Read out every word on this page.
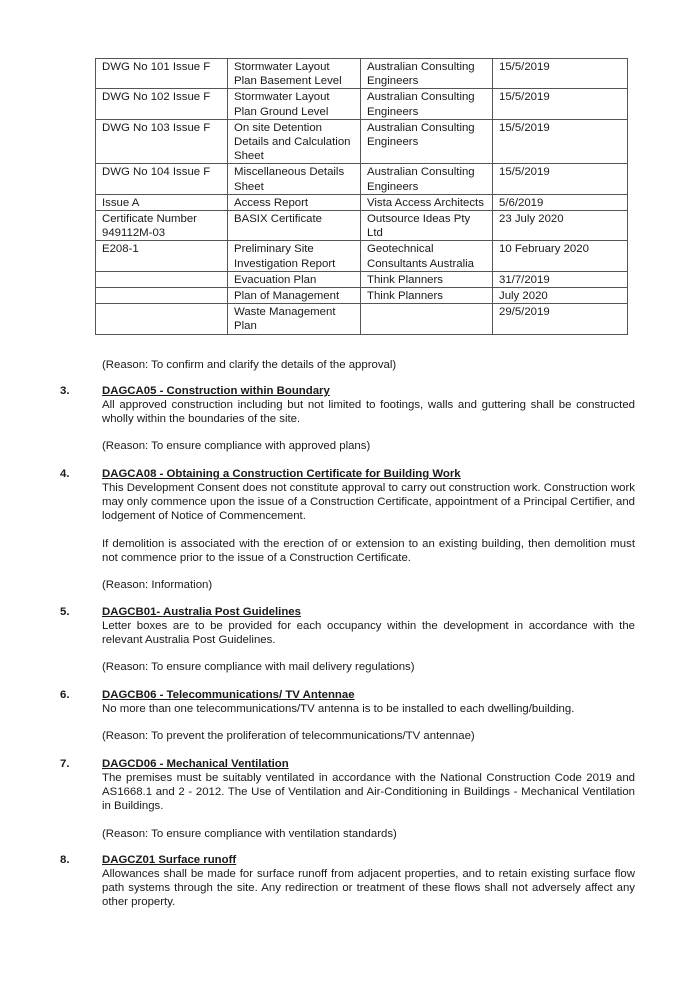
DWG No 101 Issue F	Stormwater Layout Plan Basement Level	Australian Consulting Engineers	15/5/2019
DWG No 102 Issue F	Stormwater Layout Plan Ground Level	Australian Consulting Engineers	15/5/2019
DWG No 103 Issue F	On site Detention Details and Calculation Sheet	Australian Consulting Engineers	15/5/2019
DWG No 104 Issue F	Miscellaneous Details Sheet	Australian Consulting Engineers	15/5/2019
Issue A	Access Report	Vista Access Architects	5/6/2019
Certificate Number 949112M-03	BASIX Certificate	Outsource Ideas Pty Ltd	23 July 2020
E208-1	Preliminary Site Investigation Report	Geotechnical Consultants Australia	10 February 2020
	Evacuation Plan	Think Planners	31/7/2019
	Plan of Management	Think Planners	July 2020
	Waste Management Plan		29/5/2019
(Reason: To confirm and clarify the details of the approval)
3.	DAGCA05 - Construction within Boundary

All approved construction including but not limited to footings, walls and guttering shall be constructed wholly within the boundaries of the site.

(Reason: To ensure compliance with approved plans)

4.	DAGCA08 - Obtaining a Construction Certificate for Building Work

This Development Consent does not constitute approval to carry out construction work. Construction work may only commence upon the issue of a Construction Certificate, appointment of a Principal Certifier, and lodgement of Notice of Commencement.

If demolition is associated with the erection of or extension to an existing building, then demolition must not commence prior to the issue of a Construction Certificate.

(Reason: Information)

5.	DAGCB01- Australia Post Guidelines

Letter boxes are to be provided for each occupancy within the development in accordance with the relevant Australia Post Guidelines.

(Reason: To ensure compliance with mail delivery regulations)

6.	DAGCB06 - Telecommunications/ TV Antennae

No more than one telecommunications/TV antenna is to be installed to each dwelling/building.

(Reason: To prevent the proliferation of telecommunications/TV antennae)

7.	DAGCD06 - Mechanical Ventilation

The premises must be suitably ventilated in accordance with the National Construction Code 2019 and AS1668.1 and 2 - 2012. The Use of Ventilation and Air-Conditioning in Buildings - Mechanical Ventilation in Buildings.

(Reason: To ensure compliance with ventilation standards)

8.	DAGCZ01 Surface runoff

Allowances shall be made for surface runoff from adjacent properties, and to retain existing surface flow path systems through the site. Any redirection or treatment of these flows shall not adversely affect any other property.
